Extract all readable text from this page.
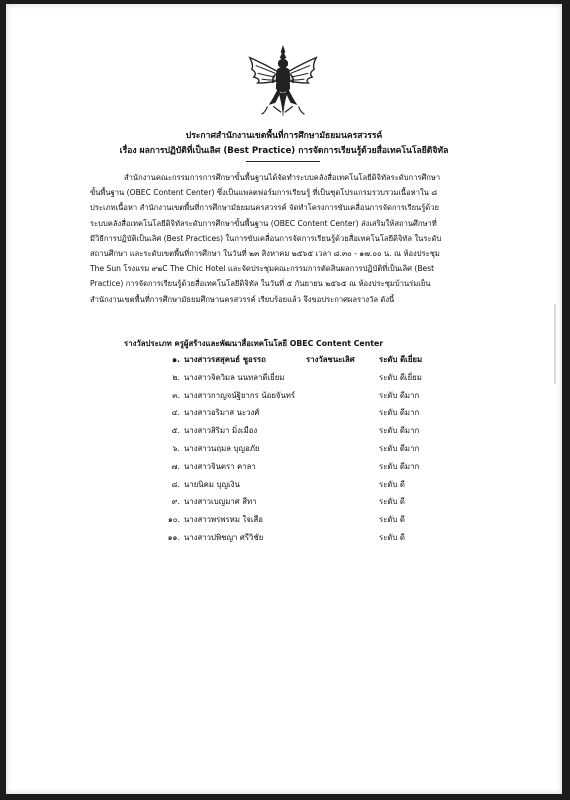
ประกาศสำนักงานเขตพื้นที่การศึกษามัธยมนครสวรรค์
เรื่อง ผลการปฏิบัติที่เป็นเลิศ (Best Practice) การจัดการเรียนรู้ด้วยสื่อเทคโนโลยีดิจิทัล

สำนักงานคณะกรรมการการศึกษาขั้นพื้นฐานได้จัดทำระบบคลังสื่อเทคโนโลยีดิจิทัลระดับการศึกษา

ขั้นพื้นฐาน (OBEC Content Center) ซึ่งเป็นแพลตฟอร์มการเรียนรู้ ที่เป็นชุดโปรแกรมรวบรวมเนื้อหาใน ๘

ประเภทเนื้อหา สำนักงานเขตพื้นที่การศึกษามัธยมนครสวรรค์ จัดทำโครงการขับเคลื่อนการจัดการเรียนรู้ด้วย

ระบบคลังสื่อเทคโนโลยีดิจิทัลระดับการศึกษาขั้นพื้นฐาน (OBEC Content Center) ส่งเสริมให้สถานศึกษาที่

มีวิธีการปฏิบัติเป็นเลิศ (Best Practices) ในการขับเคลื่อนการจัดการเรียนรู้ด้วยสื่อเทคโนโลยีดิจิทัล ในระดับ

สถานศึกษา และระดับเขตพื้นที่การศึกษา ในวันที่ ๒๓ สิงหาคม ๒๕๖๕ เวลา ๘.๓๐ - ๑๗.๐๐ น. ณ ห้องประชุม

The Sun โรงแรม ๙๒C The Chic Hotel และจัดประชุมคณะกรรมการตัดสินผลการปฏิบัติที่เป็นเลิศ (Best

Practice) การจัดการเรียนรู้ด้วยสื่อเทคโนโลยีดิจิทัล ในวันที่ ๕ กันยายน ๒๕๖๕ ณ ห้องประชุมบ้านร่มเย็น

สำนักงานเขตพื้นที่การศึกษามัธยมศึกษานครสวรรค์ เรียบร้อยแล้ว จึงขอประกาศผลรางวัล ดังนี้

รางวัลประเภท ครูผู้สร้างและพัฒนาสื่อเทคโนโลยี OBEC Content Center
๑. นางสาวรสสุคนธ์ ชูอรรถ	รางวัลชนะเลิศ	ระดับ ดีเยี่ยม
๒. นางสาวจิตวิมล นนทลาดีเยี่ยม	ระดับ ดีเยี่ยม
๓. นางสาวกาญจน์ฐิยากร น้อยจันทร์	ระดับ ดีมาก
๔. นางสาวอริมาส นะวงศ์	ระดับ ดีมาก
๕. นางสาวสิริมา มิ่งเมือง	ระดับ ดีมาก
๖. นางสาวนฤมล บุญอภัย	ระดับ ดีมาก
๗. นางสาวจินตรา คาลา	ระดับ ดีมาก
๘. นายนิคม บุญเงิน	ระดับ ดี
๙. นางสาวเบญมาศ สีทา	ระดับ ดี
๑๐. นางสาวพรพรหม ใจเสือ	ระดับ ดี
๑๑. นางสาวปพิชญา ศรีวิชัย	ระดับ ดี
